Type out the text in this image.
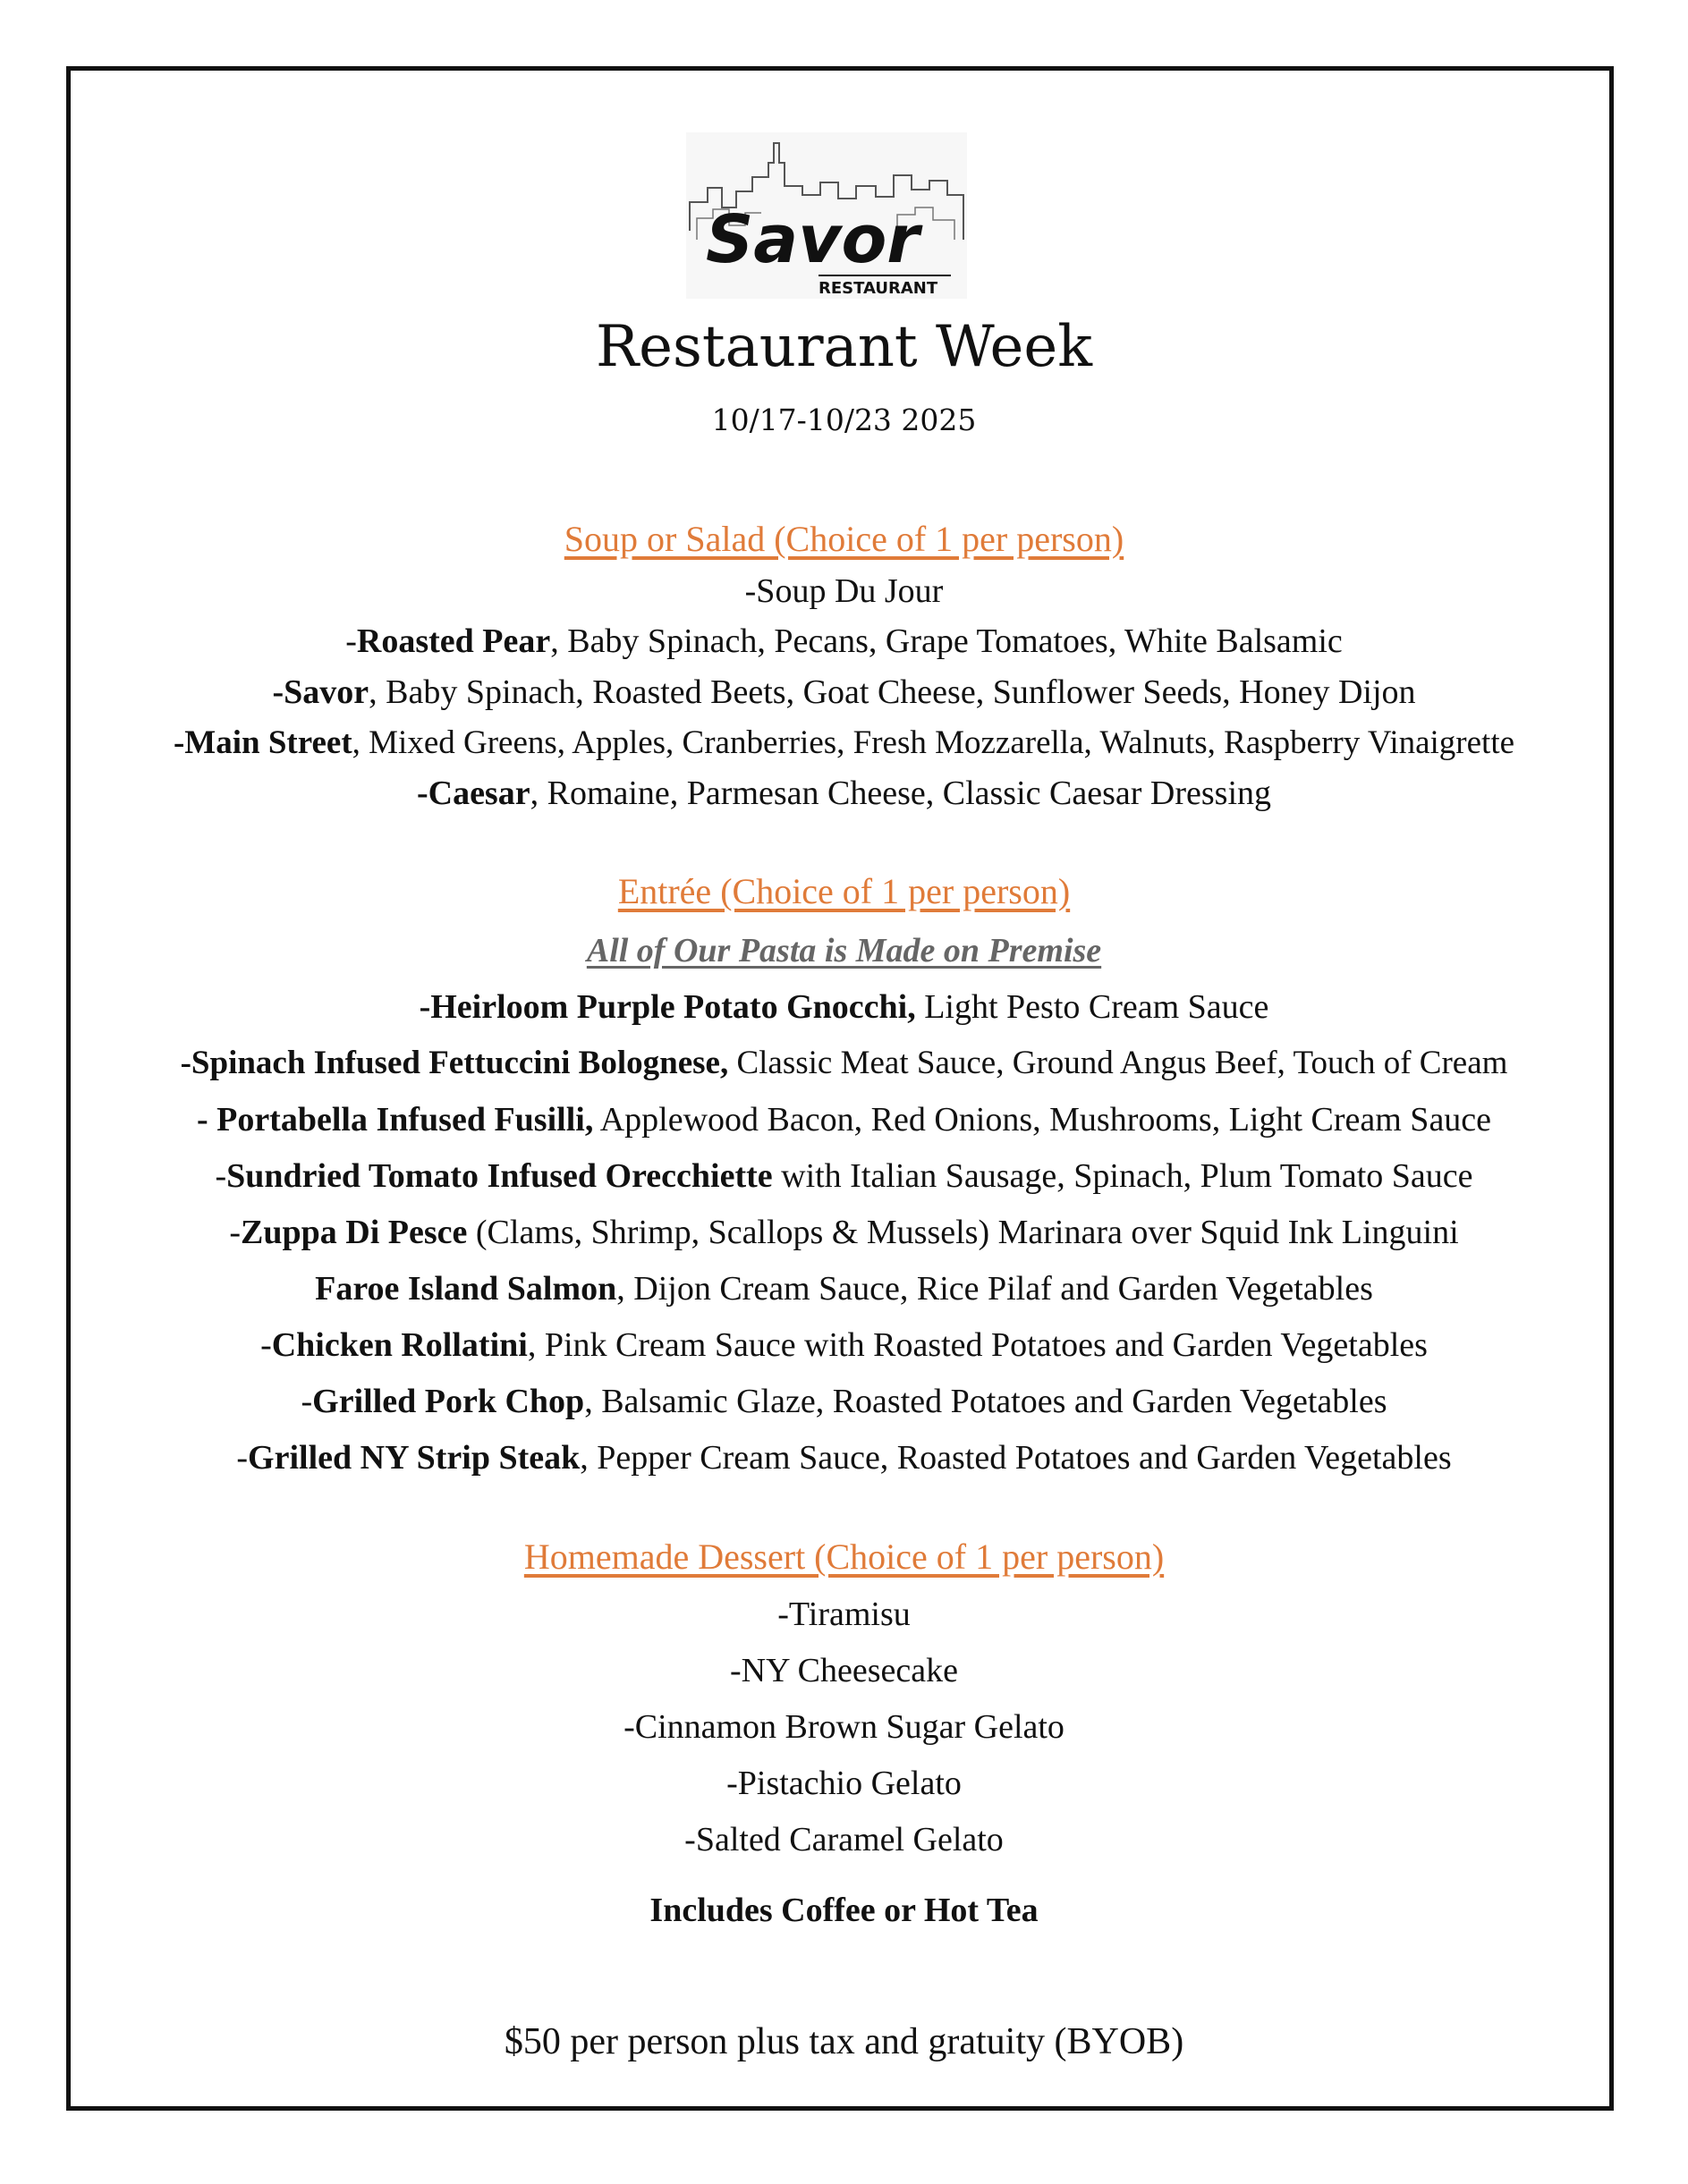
Savor
RESTAURANT
Restaurant Week
10/17-10/23 2025
Soup or Salad (Choice of 1 per person)
-Soup Du Jour
-Roasted Pear, Baby Spinach, Pecans, Grape Tomatoes, White Balsamic
-Savor, Baby Spinach, Roasted Beets, Goat Cheese, Sunflower Seeds, Honey Dijon
-Main Street, Mixed Greens, Apples, Cranberries, Fresh Mozzarella, Walnuts, Raspberry Vinaigrette
-Caesar, Romaine, Parmesan Cheese, Classic Caesar Dressing
Entrée (Choice of 1 per person)
All of Our Pasta is Made on Premise
-Heirloom Purple Potato Gnocchi, Light Pesto Cream Sauce
-Spinach Infused Fettuccini Bolognese, Classic Meat Sauce, Ground Angus Beef, Touch of Cream
- Portabella Infused Fusilli, Applewood Bacon, Red Onions, Mushrooms, Light Cream Sauce
-Sundried Tomato Infused Orecchiette with Italian Sausage, Spinach, Plum Tomato Sauce
-Zuppa Di Pesce (Clams, Shrimp, Scallops & Mussels) Marinara over Squid Ink Linguini
Faroe Island Salmon, Dijon Cream Sauce, Rice Pilaf and Garden Vegetables
-Chicken Rollatini, Pink Cream Sauce with Roasted Potatoes and Garden Vegetables
-Grilled Pork Chop, Balsamic Glaze, Roasted Potatoes and Garden Vegetables
-Grilled NY Strip Steak, Pepper Cream Sauce, Roasted Potatoes and Garden Vegetables
Homemade Dessert (Choice of 1 per person)
-Tiramisu
-NY Cheesecake
-Cinnamon Brown Sugar Gelato
-Pistachio Gelato
-Salted Caramel Gelato
Includes Coffee or Hot Tea
$50 per person plus tax and gratuity (BYOB)
